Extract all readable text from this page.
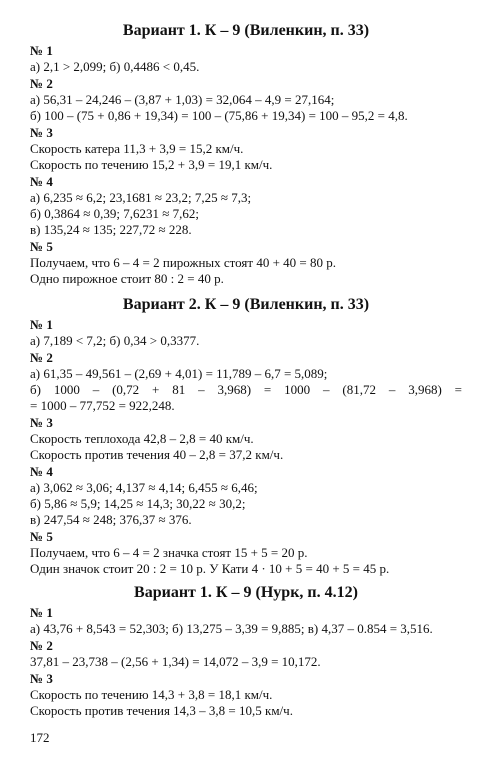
Вариант 1. К – 9 (Виленкин, п. 33)
№ 1
а) 2,1 > 2,099; б) 0,4486 < 0,45.
№ 2
а) 56,31 – 24,246 – (3,87 + 1,03) = 32,064 – 4,9 = 27,164;
б) 100 – (75 + 0,86 + 19,34) = 100 – (75,86 + 19,34) = 100 – 95,2 = 4,8.
№ 3
Скорость катера 11,3 + 3,9 = 15,2 км/ч.
Скорость по течению 15,2 + 3,9 = 19,1 км/ч.
№ 4
а) 6,235 ≈ 6,2; 23,1681 ≈ 23,2; 7,25 ≈ 7,3;
б) 0,3864 ≈ 0,39; 7,6231 ≈ 7,62;
в) 135,24 ≈ 135; 227,72 ≈ 228.
№ 5
Получаем, что 6 – 4 = 2 пирожных стоят 40 + 40 = 80 р.
Одно пирожное стоит 80 : 2 = 40 р.
Вариант 2. К – 9 (Виленкин, п. 33)
№ 1
а) 7,189 < 7,2; б) 0,34 > 0,3377.
№ 2
а) 61,35 – 49,561 – (2,69 + 4,01) = 11,789 – 6,7 = 5,089;
б) 1000 – (0,72 + 81 – 3,968) = 1000 – (81,72 – 3,968) =
= 1000 – 77,752 = 922,248.
№ 3
Скорость теплохода 42,8 – 2,8 = 40 км/ч.
Скорость против течения 40 – 2,8 = 37,2 км/ч.
№ 4
а) 3,062 ≈ 3,06; 4,137 ≈ 4,14; 6,455 ≈ 6,46;
б) 5,86 ≈ 5,9; 14,25 ≈ 14,3; 30,22 ≈ 30,2;
в) 247,54 ≈ 248; 376,37 ≈ 376.
№ 5
Получаем, что 6 – 4 = 2 значка стоят 15 + 5 = 20 р.
Один значок стоит 20 : 2 = 10 р. У Кати 4 · 10 + 5 = 40 + 5 = 45 р.
Вариант 1. К – 9 (Нурк, п. 4.12)
№ 1
а) 43,76 + 8,543 = 52,303; б) 13,275 – 3,39 = 9,885; в) 4,37 – 0.854 = 3,516.
№ 2
37,81 – 23,738 – (2,56 + 1,34) = 14,072 – 3,9 = 10,172.
№ 3
Скорость по течению 14,3 + 3,8 = 18,1 км/ч.
Скорость против течения 14,3 – 3,8 = 10,5 км/ч.
172
